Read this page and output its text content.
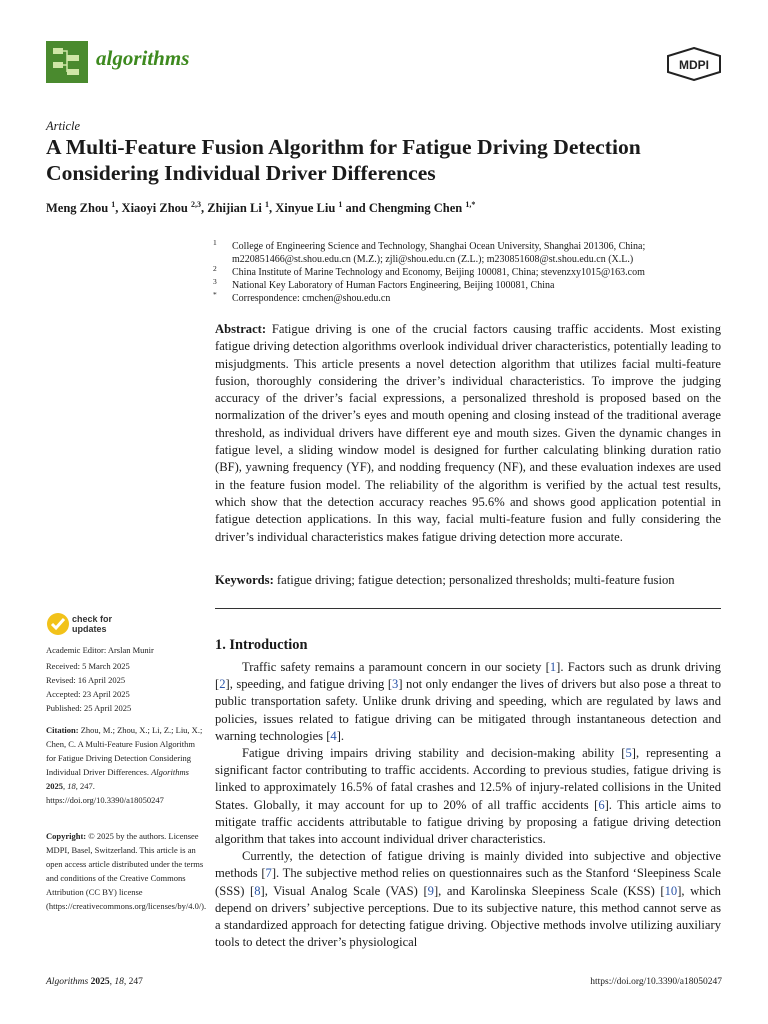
algorithms	MDPI
Article
A Multi-Feature Fusion Algorithm for Fatigue Driving Detection Considering Individual Driver Differences
Meng Zhou $^1$, Xiaoyi Zhou $^{2,3}$, Zhijian Li $^1$, Xinyue Liu $^1$ and Chengming Chen $^{1,*}$
1 College of Engineering Science and Technology, Shanghai Ocean University, Shanghai 201306, China;
m220851466@st.shou.edu.cn (M.Z.); zjli@shou.edu.cn (Z.L.); m230851608@st.shou.edu.cn (X.L.)
2 China Institute of Marine Technology and Economy, Beijing 100081, China; stevenzxy1015@163.com
3 National Key Laboratory of Human Factors Engineering, Beijing 100081, China
* Correspondence: cmchen@shou.edu.cn
Abstract: Fatigue driving is one of the crucial factors causing traffic accidents. Most existing fatigue driving detection algorithms overlook individual driver characteristics, potentially leading to misjudgments. This article presents a novel detection algorithm that utilizes facial multi-feature fusion, thoroughly considering the driver’s individual characteristics. To improve the judging accuracy of the driver’s facial expressions, a personalized threshold is proposed based on the normalization of the driver’s eyes and mouth opening and closing instead of the traditional average threshold, as individual drivers have different eye and mouth sizes. Given the dynamic changes in fatigue level, a sliding window model is designed for further calculating blinking duration ratio (BF), yawning frequency (YF), and nodding frequency (NF), and these evaluation indexes are used in the feature fusion model. The reliability of the algorithm is verified by the actual test results, which show that the detection accuracy reaches 95.6% and shows good application potential in fatigue detection applications. In this way, facial multi-feature fusion and fully considering the driver’s individual characteristics makes fatigue driving detection more accurate.
Keywords: fatigue driving; fatigue detection; personalized thresholds; multi-feature fusion
check for
updates
Academic Editor: Arslan Munir
Received: 5 March 2025
Revised: 16 April 2025
Accepted: 23 April 2025
Published: 25 April 2025
Citation: Zhou, M.; Zhou, X.; Li, Z.; Liu, X.; Chen, C. A Multi-Feature Fusion Algorithm for Fatigue Driving Detection Considering Individual Driver Differences. Algorithms 2025, 18, 247. https://doi.org/10.3390/a18050247
Copyright: © 2025 by the authors. Licensee MDPI, Basel, Switzerland. This article is an open access article distributed under the terms and conditions of the Creative Commons Attribution (CC BY) license (https://creativecommons.org/licenses/by/4.0/).
1. Introduction

Traffic safety remains a paramount concern in our society [1]. Factors such as drunk driving [2], speeding, and fatigue driving [3] not only endanger the lives of drivers but also pose a threat to public transportation safety. Unlike drunk driving and speeding, which are regulated by laws and policies, issues related to fatigue driving can be mitigated through instantaneous detection and warning technologies [4].

Fatigue driving impairs driving stability and decision-making ability [5], representing a significant factor contributing to traffic accidents. According to previous studies, fatigue driving is linked to approximately 16.5% of fatal crashes and 12.5% of injury-related collisions in the United States. Globally, it may account for up to 20% of all traffic accidents [6]. This article aims to mitigate traffic accidents attributable to fatigue driving by proposing a fatigue driving detection algorithm that takes into account individual driver characteristics.

Currently, the detection of fatigue driving is mainly divided into subjective and objective methods [7]. The subjective method relies on questionnaires such as the Stanford ‘Sleepiness Scale (SSS) [8], Visual Analog Scale (VAS) [9], and Karolinska Sleepiness Scale (KSS) [10], which depend on drivers’ subjective perceptions. Due to its subjective nature, this method cannot serve as a standardized approach for detecting fatigue driving. Objective methods involve utilizing auxiliary tools to detect the driver’s physiological

Algorithms 2025, 18, 247	https://doi.org/10.3390/a18050247
